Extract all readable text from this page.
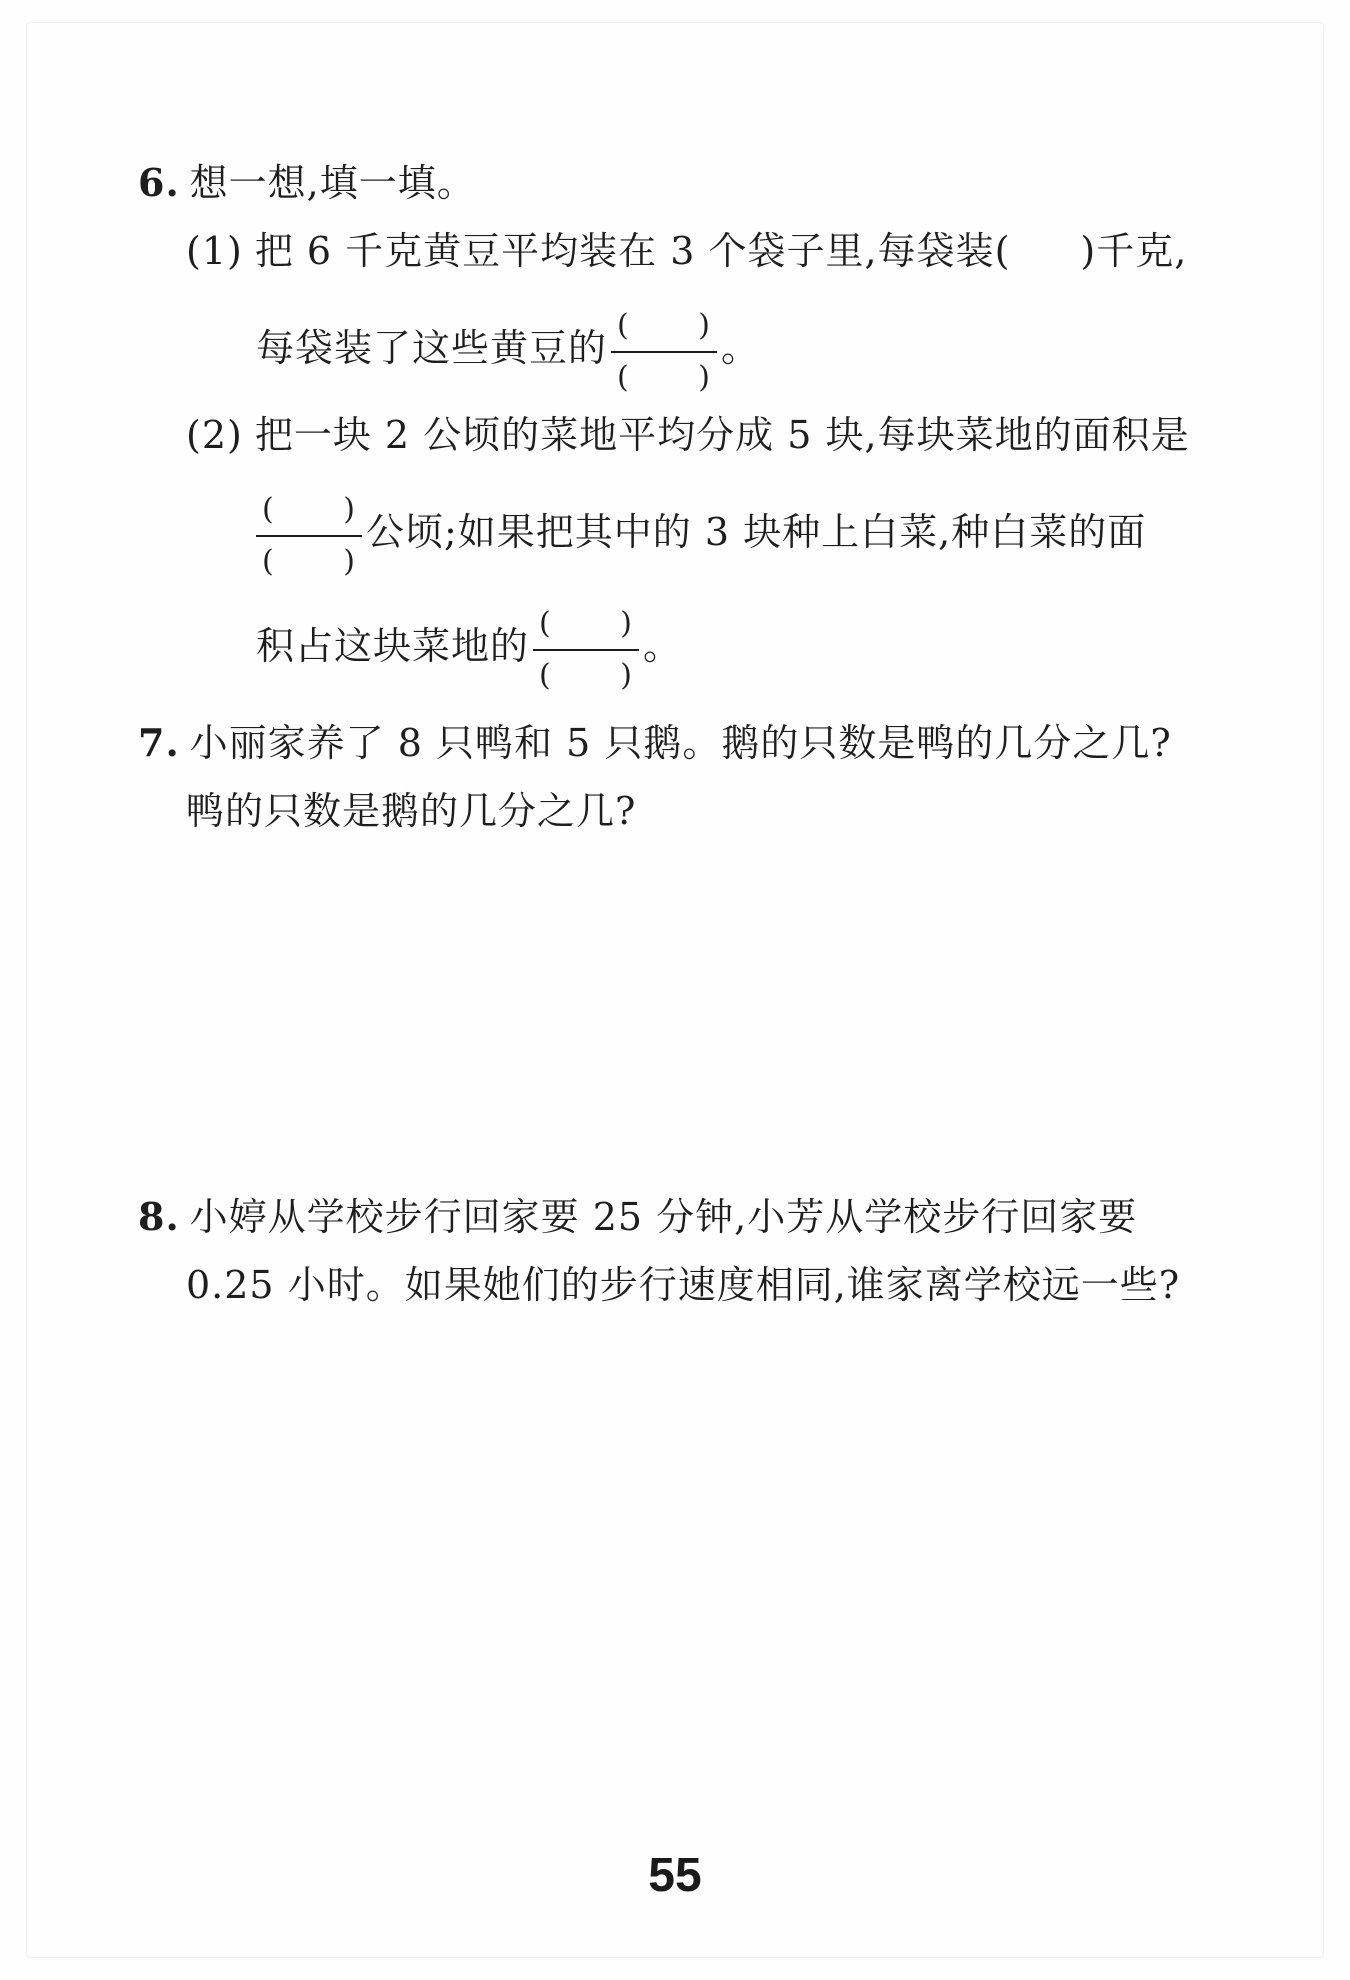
6. 想一想,填一填。
(1) 把 6 千克黄豆平均装在 3 个袋子里,每袋装( )千克,
每袋装了这些黄豆的 $\frac{( )}{( )}$ 。
(2) 把一块 2 公顷的菜地平均分成 5 块,每块菜地的面积是
$\frac{( )}{( )}$ 公顷;如果把其中的 3 块种上白菜,种白菜的面
积占这块菜地的 $\frac{( )}{( )}$ 。
7. 小丽家养了 8 只鸭和 5 只鹅。鹅的只数是鸭的几分之几?
鸭的只数是鹅的几分之几?
8. 小婷从学校步行回家要 25 分钟,小芳从学校步行回家要
0.25 小时。如果她们的步行速度相同,谁家离学校远一些?
55
